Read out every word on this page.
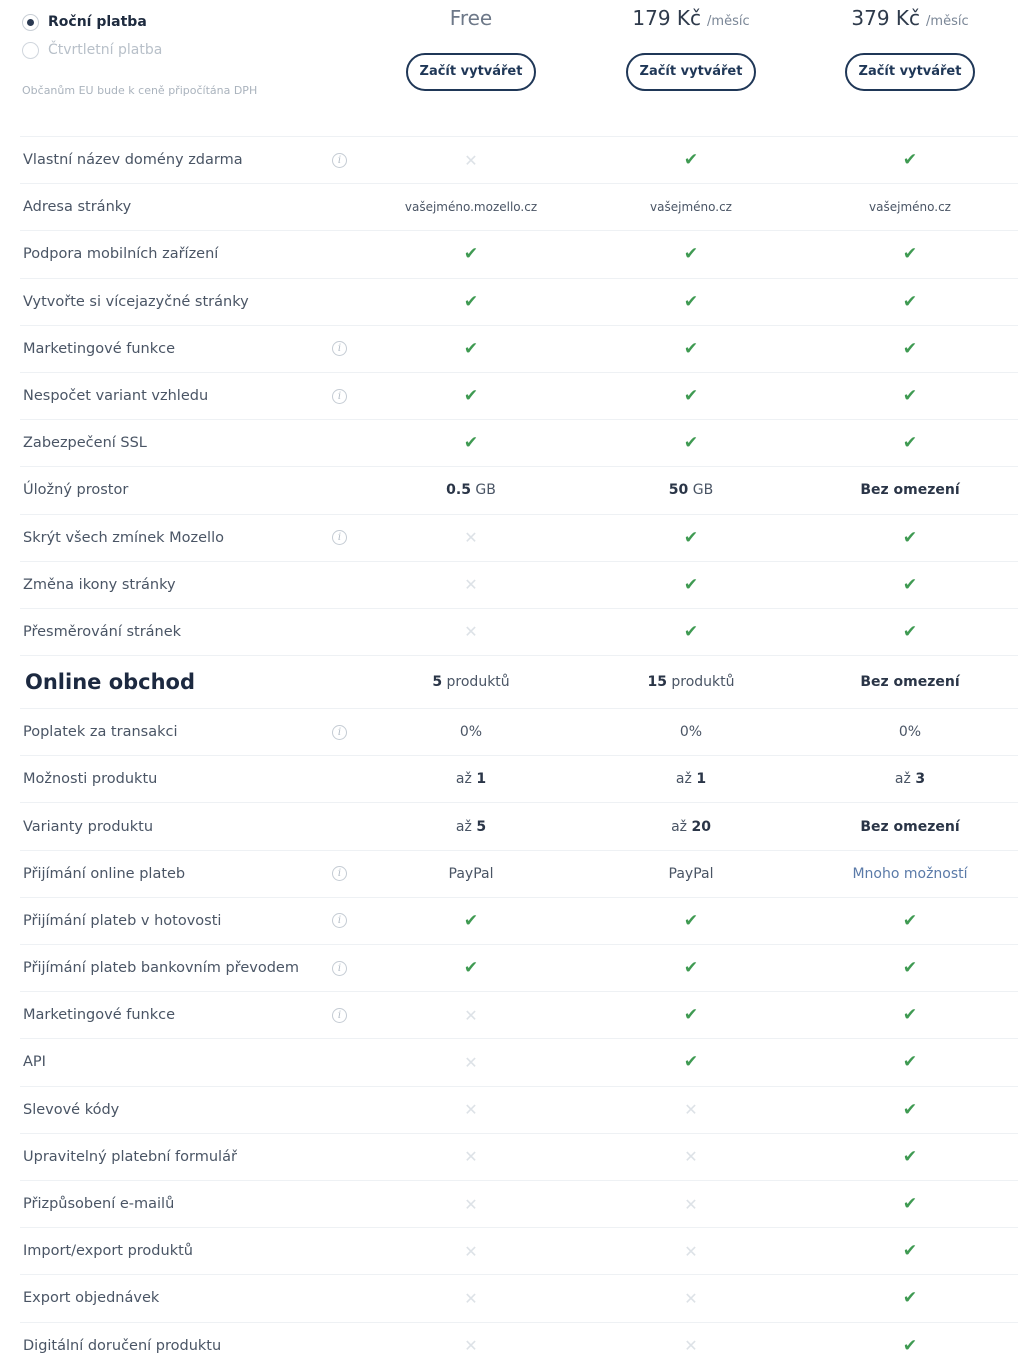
Roční platba
Čtvrtletní platba
Občanům EU bude k ceně připočítána DPH
Free
Začít vytvářet
179 Kč /měsíc
Začít vytvářet
379 Kč /měsíc
Začít vytvářet
Vlastní název domény zdarma	i	✕	✔	✔
Adresa stránky	vašejméno.mozello.cz	vašejméno.cz	vašejméno.cz
Podpora mobilních zařízení	✔	✔	✔
Vytvořte si vícejazyčné stránky	✔	✔	✔
Marketingové funkce	i	✔	✔	✔
Nespočet variant vzhledu	i	✔	✔	✔
Zabezpečení SSL	✔	✔	✔
Úložný prostor	0.5 GB	50 GB	Bez omezení
Skrýt všech zmínek Mozello	i	✕	✔	✔
Změna ikony stránky	✕	✔	✔
Přesměrování stránek	✕	✔	✔
Online obchod	5 produktů	15 produktů	Bez omezení
Poplatek za transakci	i	0%	0%	0%
Možnosti produktu	až 1	až 1	až 3
Varianty produktu	až 5	až 20	Bez omezení
Přijímání online plateb	i	PayPal	PayPal	Mnoho možností
Přijímání plateb v hotovosti	i	✔	✔	✔
Přijímání plateb bankovním převodem	i	✔	✔	✔
Marketingové funkce	i	✕	✔	✔
API	✕	✔	✔
Slevové kódy	✕	✕	✔
Upravitelný platební formulář	✕	✕	✔
Přizpůsobení e-mailů	✕	✕	✔
Import/export produktů	✕	✕	✔
Export objednávek	✕	✕	✔
Digitální doručení produktu	✕	✕	✔
